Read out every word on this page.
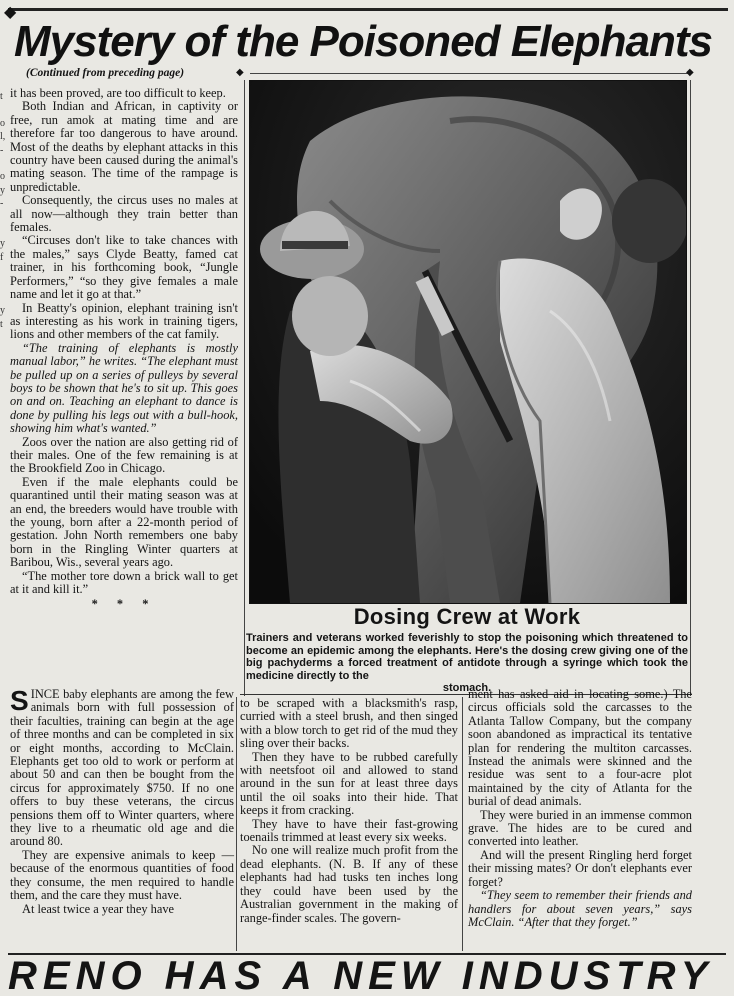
◆
Mystery of the Poisoned Elephants
(Continued from preceding page)	◆	◆
t
o
l,
-
o
y
-
y
f
y
t

it has been proved, are too difficult to keep.

Both Indian and African, in captivity or free, run amok at mating time and are therefore far too dangerous to have around. Most of the deaths by elephant attacks in this country have been caused during the animal's mating season. The time of the rampage is unpredictable.

Consequently, the circus uses no males at all now—although they train better than females.

“Circuses don't like to take chances with the males,” says Clyde Beatty, famed cat trainer, in his forthcoming book, “Jungle Performers,” “so they give females a male name and let it go at that.”

In Beatty's opinion, elephant training isn't as interesting as his work in training tigers, lions and other members of the cat family.

“The training of elephants is mostly manual labor,” he writes. “The elephant must be pulled up on a series of pulleys by several boys to be shown that he's to sit up. This goes on and on. Teaching an elephant to dance is done by pulling his legs out with a bull-hook, showing him what's wanted.”

Zoos over the nation are also getting rid of their males. One of the few remaining is at the Brookfield Zoo in Chicago.

Even if the male elephants could be quarantined until their mating season was at an end, the breeders would have trouble with the young, born after a 22-month period of gestation. John North remembers one baby born in the Ringling Winter quarters at Baribou, Wis., several years ago.

“The mother tore down a brick wall to get at it and kill it.”

* * *

SINCE baby elephants are among the few animals born with full possession of their faculties, training can begin at the age of three months and can be completed in six or eight months, according to McClain. Elephants get too old to work or perform at about 50 and can then be bought from the circus for approximately $750. If no one offers to buy these veterans, the circus pensions them off to Winter quarters, where they live to a rheumatic old age and die around 80.

They are expensive animals to keep — because of the enormous quantities of food they consume, the men required to handle them, and the care they must have.

At least twice a year they have

Dosing Crew at Work
Trainers and veterans worked feverishly to stop the poisoning which threatened to become an epidemic among the elephants. Here's the dosing crew giving one of the big pachyderms a forced treatment of antidote through a syringe which took the medicine directly to the
stomach.

to be scraped with a blacksmith's rasp, curried with a steel brush, and then singed with a blow torch to get rid of the mud they sling over their backs.

Then they have to be rubbed carefully with neetsfoot oil and allowed to stand around in the sun for at least three days until the oil soaks into their hide. That keeps it from cracking.

They have to have their fast-growing toenails trimmed at least every six weeks.

No one will realize much profit from the dead elephants. (N. B. If any of these elephants had had tusks ten inches long they could have been used by the Australian government in the making of range-finder scales. The govern-

ment has asked aid in locating some.) The circus officials sold the carcasses to the Atlanta Tallow Company, but the company soon abandoned as impractical its tentative plan for rendering the multiton carcasses. Instead the animals were skinned and the residue was sent to a four-acre plot maintained by the city of Atlanta for the burial of dead animals.

They were buried in an immense common grave. The hides are to be cured and converted into leather.

And will the present Ringling herd forget their missing mates? Or don't elephants ever forget?

“They seem to remember their friends and handlers for about seven years,” says McClain. “After that they forget.”

RENO HAS A NEW INDUSTRY
